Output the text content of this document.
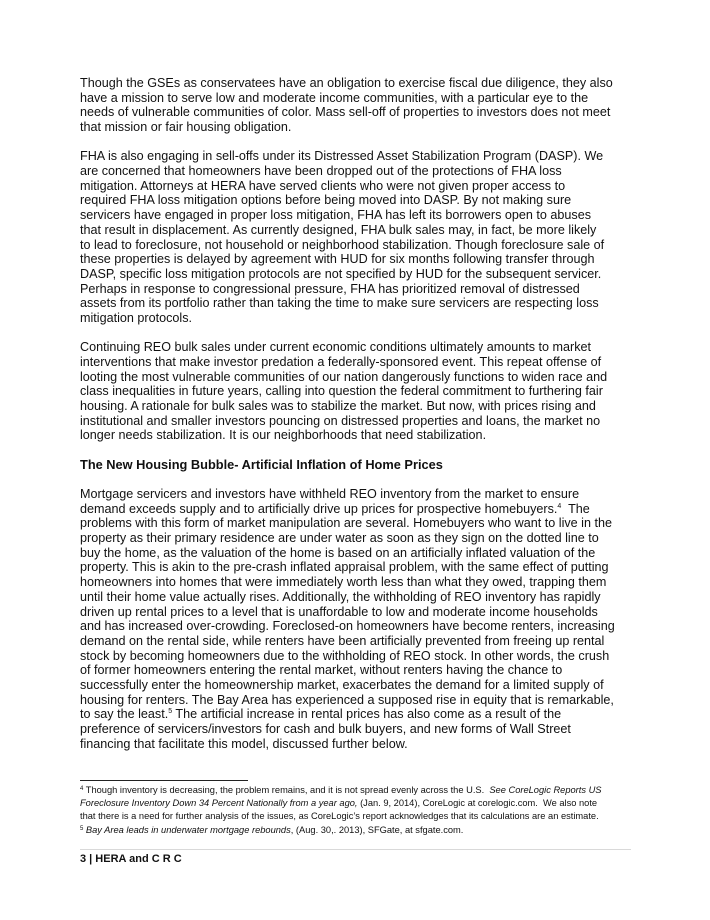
Though the GSEs as conservatees have an obligation to exercise fiscal due diligence, they also
have a mission to serve low and moderate income communities, with a particular eye to the
needs of vulnerable communities of color. Mass sell-off of properties to investors does not meet
that mission or fair housing obligation.

FHA is also engaging in sell-offs under its Distressed Asset Stabilization Program (DASP). We
are concerned that homeowners have been dropped out of the protections of FHA loss
mitigation. Attorneys at HERA have served clients who were not given proper access to
required FHA loss mitigation options before being moved into DASP. By not making sure
servicers have engaged in proper loss mitigation, FHA has left its borrowers open to abuses
that result in displacement. As currently designed, FHA bulk sales may, in fact, be more likely
to lead to foreclosure, not household or neighborhood stabilization. Though foreclosure sale of
these properties is delayed by agreement with HUD for six months following transfer through
DASP, specific loss mitigation protocols are not specified by HUD for the subsequent servicer.
Perhaps in response to congressional pressure, FHA has prioritized removal of distressed
assets from its portfolio rather than taking the time to make sure servicers are respecting loss
mitigation protocols.

Continuing REO bulk sales under current economic conditions ultimately amounts to market
interventions that make investor predation a federally-sponsored event. This repeat offense of
looting the most vulnerable communities of our nation dangerously functions to widen race and
class inequalities in future years, calling into question the federal commitment to furthering fair
housing. A rationale for bulk sales was to stabilize the market. But now, with prices rising and
institutional and smaller investors pouncing on distressed properties and loans, the market no
longer needs stabilization. It is our neighborhoods that need stabilization.

The New Housing Bubble- Artificial Inflation of Home Prices

Mortgage servicers and investors have withheld REO inventory from the market to ensure
demand exceeds supply and to artificially drive up prices for prospective homebuyers.$^4$  The
problems with this form of market manipulation are several. Homebuyers who want to live in the
property as their primary residence are under water as soon as they sign on the dotted line to
buy the home, as the valuation of the home is based on an artificially inflated valuation of the
property. This is akin to the pre-crash inflated appraisal problem, with the same effect of putting
homeowners into homes that were immediately worth less than what they owed, trapping them
until their home value actually rises. Additionally, the withholding of REO inventory has rapidly
driven up rental prices to a level that is unaffordable to low and moderate income households
and has increased over-crowding. Foreclosed-on homeowners have become renters, increasing
demand on the rental side, while renters have been artificially prevented from freeing up rental
stock by becoming homeowners due to the withholding of REO stock. In other words, the crush
of former homeowners entering the rental market, without renters having the chance to
successfully enter the homeownership market, exacerbates the demand for a limited supply of
housing for renters. The Bay Area has experienced a supposed rise in equity that is remarkable,
to say the least.$^5$ The artificial increase in rental prices has also come as a result of the
preference of servicers/investors for cash and bulk buyers, and new forms of Wall Street
financing that facilitate this model, discussed further below.

$^4$ Though inventory is decreasing, the problem remains, and it is not spread evenly across the U.S.  See CoreLogic Reports US
Foreclosure Inventory Down 34 Percent Nationally from a year ago, (Jan. 9, 2014), CoreLogic at corelogic.com.  We also note
that there is a need for further analysis of the issues, as CoreLogic’s report acknowledges that its calculations are an estimate.
$^5$ Bay Area leads in underwater mortgage rebounds, (Aug. 30,. 2013), SFGate, at sfgate.com.
3 | HERA and C R C
